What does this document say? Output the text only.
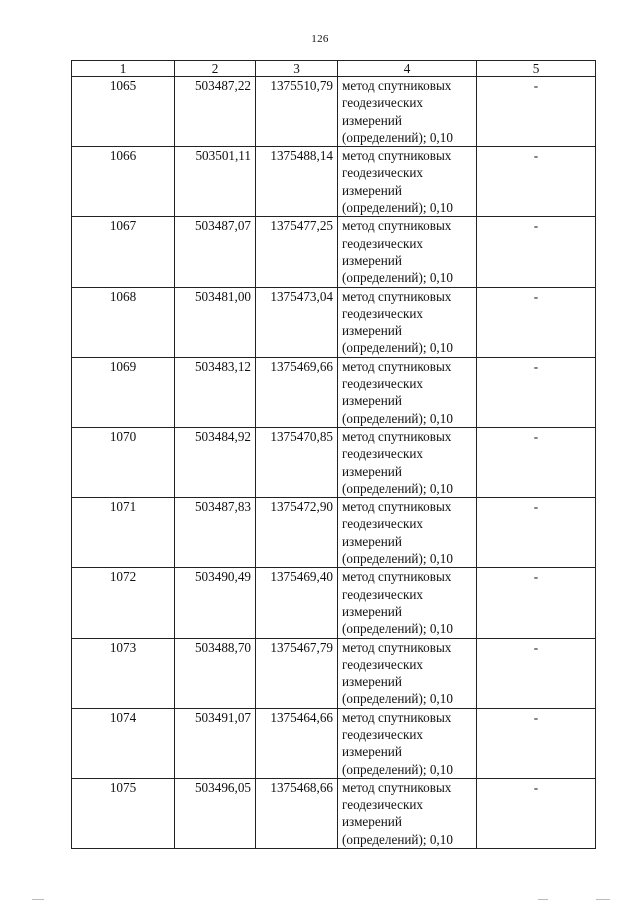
126
1	2	3	4	5
1065	503487,22	1375510,79	метод спутниковых
геодезических
измерений
(определений); 0,10	-
1066	503501,11	1375488,14	метод спутниковых
геодезических
измерений
(определений); 0,10	-
1067	503487,07	1375477,25	метод спутниковых
геодезических
измерений
(определений); 0,10	-
1068	503481,00	1375473,04	метод спутниковых
геодезических
измерений
(определений); 0,10	-
1069	503483,12	1375469,66	метод спутниковых
геодезических
измерений
(определений); 0,10	-
1070	503484,92	1375470,85	метод спутниковых
геодезических
измерений
(определений); 0,10	-
1071	503487,83	1375472,90	метод спутниковых
геодезических
измерений
(определений); 0,10	-
1072	503490,49	1375469,40	метод спутниковых
геодезических
измерений
(определений); 0,10	-
1073	503488,70	1375467,79	метод спутниковых
геодезических
измерений
(определений); 0,10	-
1074	503491,07	1375464,66	метод спутниковых
геодезических
измерений
(определений); 0,10	-
1075	503496,05	1375468,66	метод спутниковых
геодезических
измерений
(определений); 0,10	-
